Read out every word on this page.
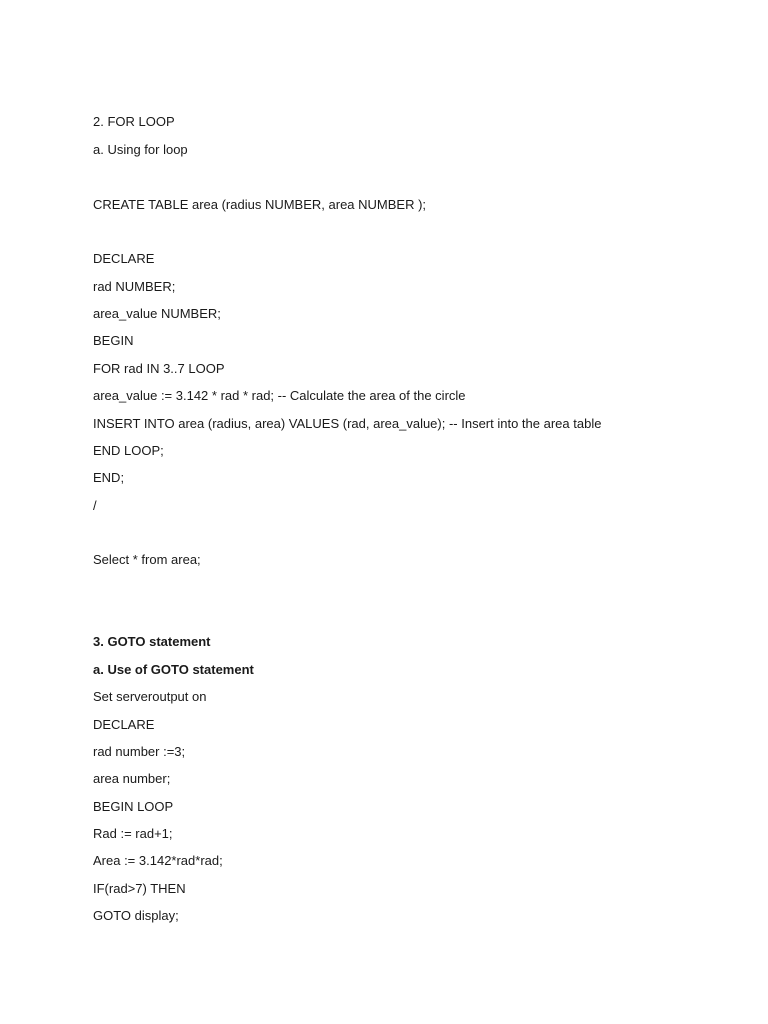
2. FOR LOOP
a. Using for loop
CREATE TABLE area (radius NUMBER, area NUMBER );
DECLARE
rad NUMBER;
area_value NUMBER;
BEGIN
FOR rad IN 3..7 LOOP
area_value := 3.142 * rad * rad; -- Calculate the area of the circle
INSERT INTO area (radius, area) VALUES (rad, area_value); -- Insert into the area table
END LOOP;
END;
/
Select * from area;
3. GOTO statement
a. Use of GOTO statement
Set serveroutput on
DECLARE
rad number :=3;
area number;
BEGIN LOOP
Rad := rad+1;
Area := 3.142*rad*rad;
IF(rad>7) THEN
GOTO display;
